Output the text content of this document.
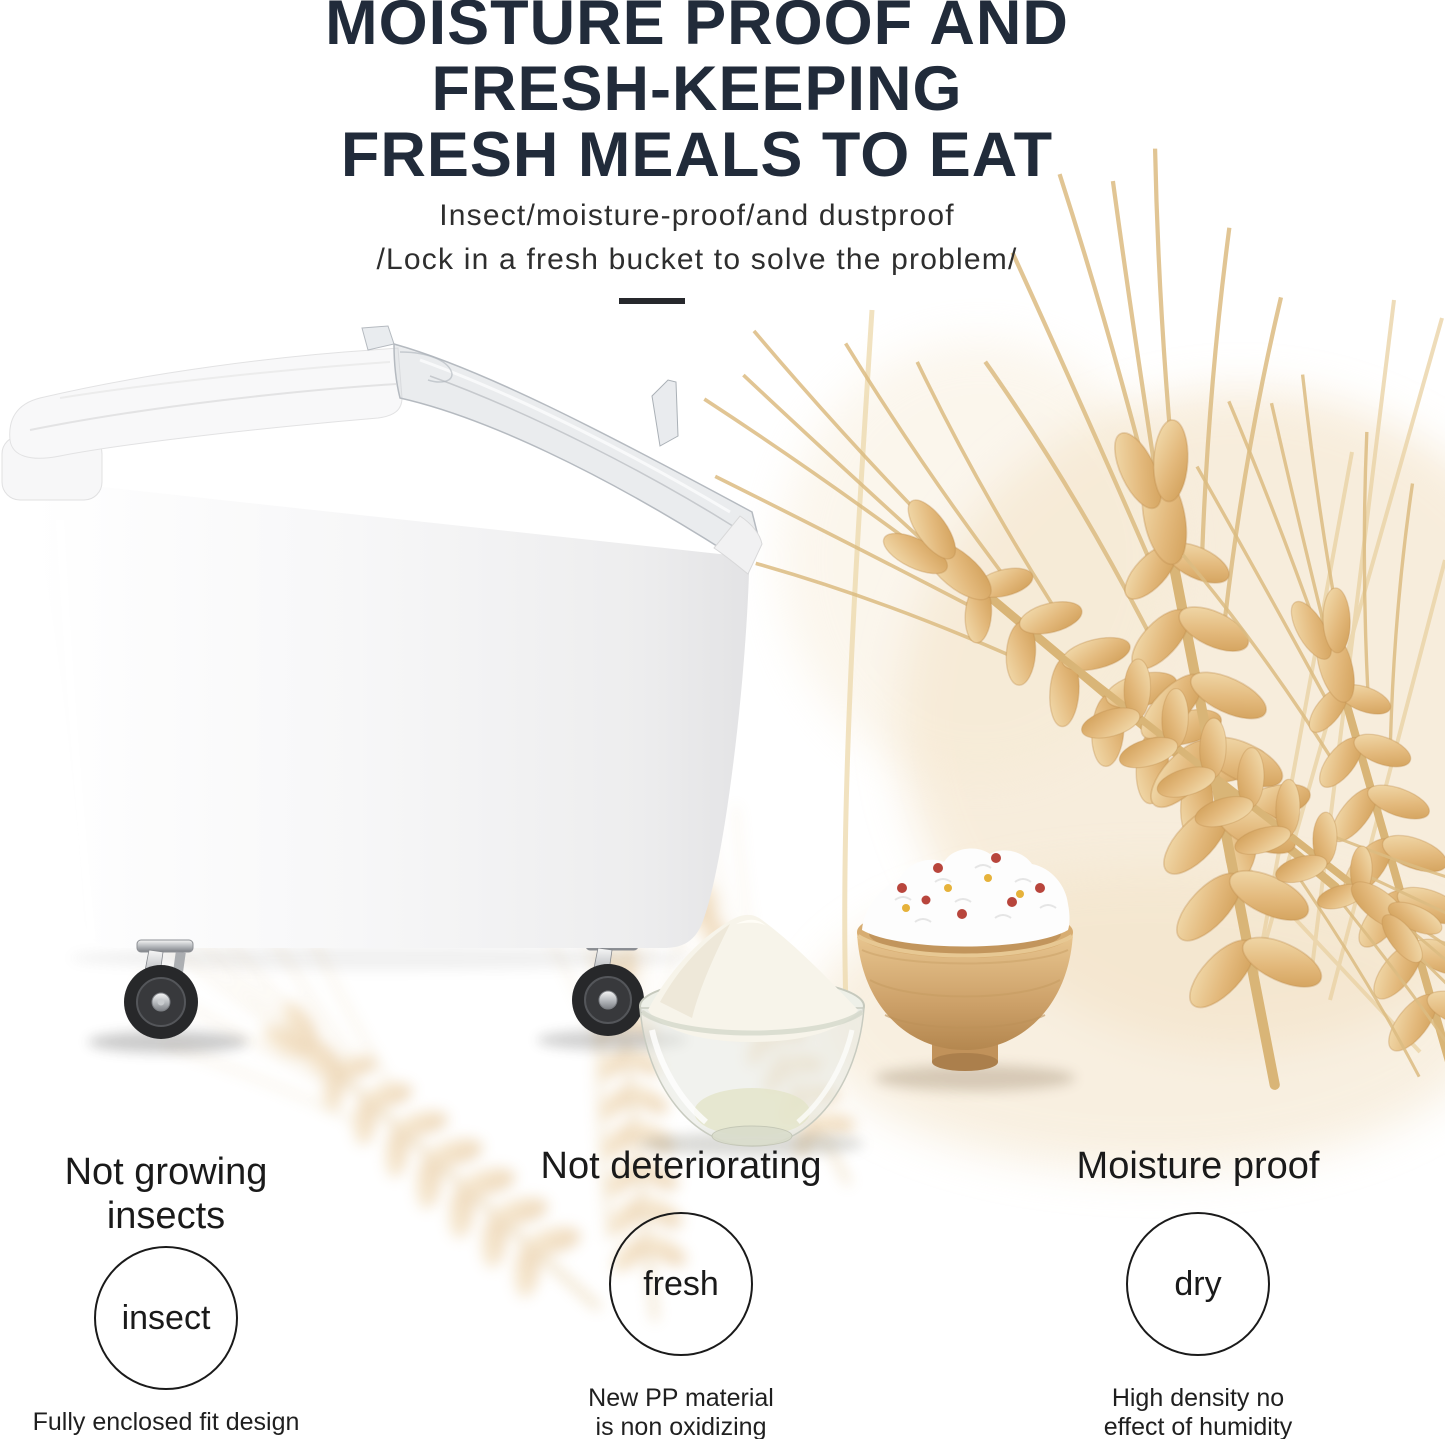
MOISTURE PROOF AND
FRESH-KEEPING
FRESH MEALS TO EAT

Insect/moisture-proof/and dustproof

/Lock in a fresh bucket to solve the problem/

Not growing
insects
insect
Fully enclosed fit design
Not deteriorating
fresh
New PP material
is non oxidizing
Moisture proof
dry
High density no
effect of humidity
